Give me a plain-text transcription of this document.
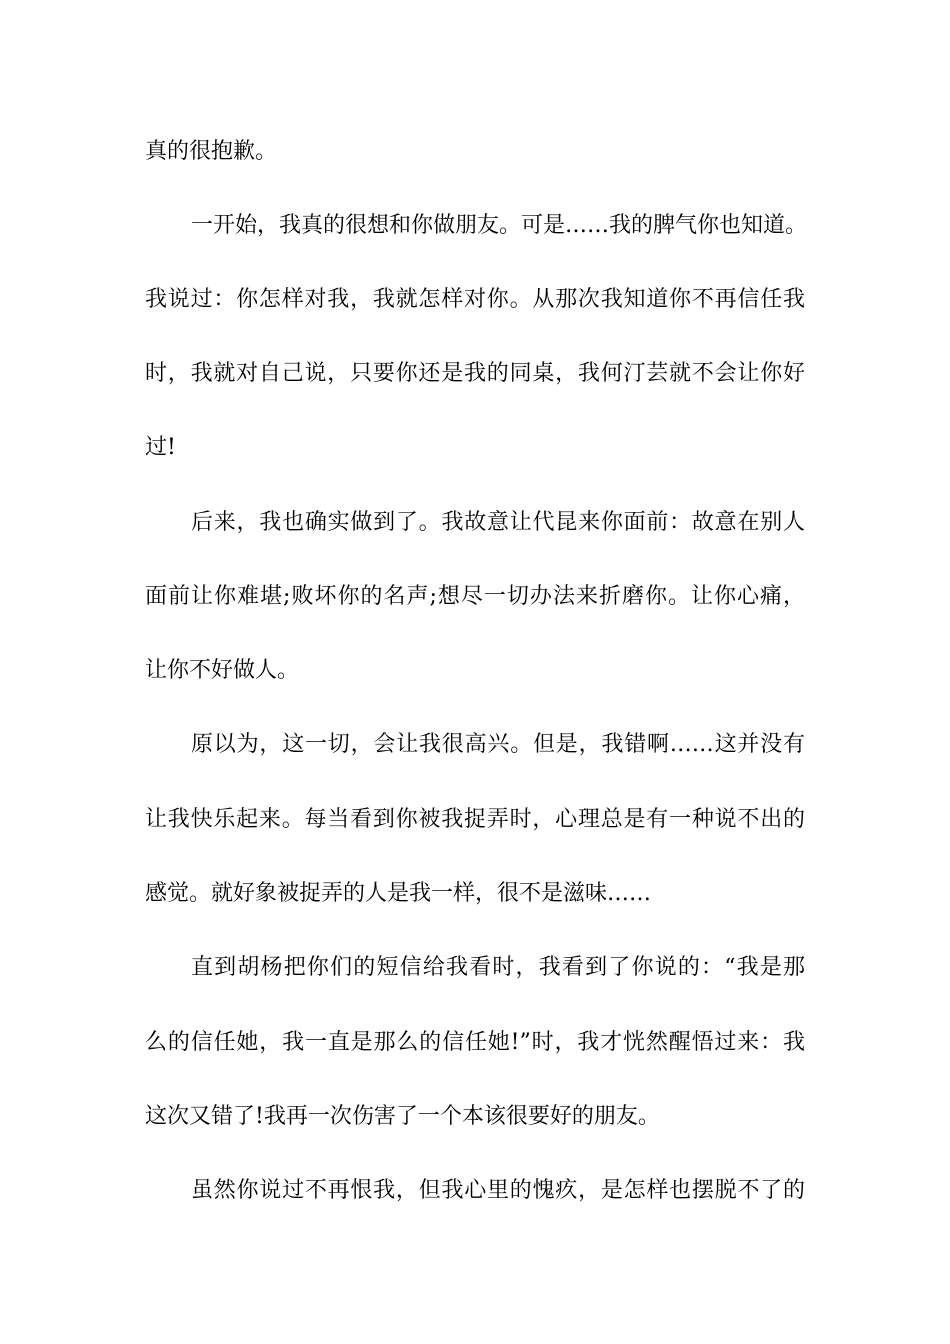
真的很抱歉。
一开始，我真的很想和你做朋友。可是……我的脾气你也知道。
我说过：你怎样对我，我就怎样对你。从那次我知道你不再信任我
时，我就对自己说，只要你还是我的同桌，我何汀芸就不会让你好
过!
后来，我也确实做到了。我故意让代昆来你面前：故意在别人
面前让你难堪;败坏你的名声;想尽一切办法来折磨你。让你心痛，
让你不好做人。
原以为，这一切，会让我很高兴。但是，我错啊……这并没有
让我快乐起来。每当看到你被我捉弄时，心理总是有一种说不出的
感觉。就好象被捉弄的人是我一样，很不是滋味……
直到胡杨把你们的短信给我看时，我看到了你说的：“我是那
么的信任她，我一直是那么的信任她!”时，我才恍然醒悟过来：我
这次又错了!我再一次伤害了一个本该很要好的朋友。
虽然你说过不再恨我，但我心里的愧疚，是怎样也摆脱不了的
